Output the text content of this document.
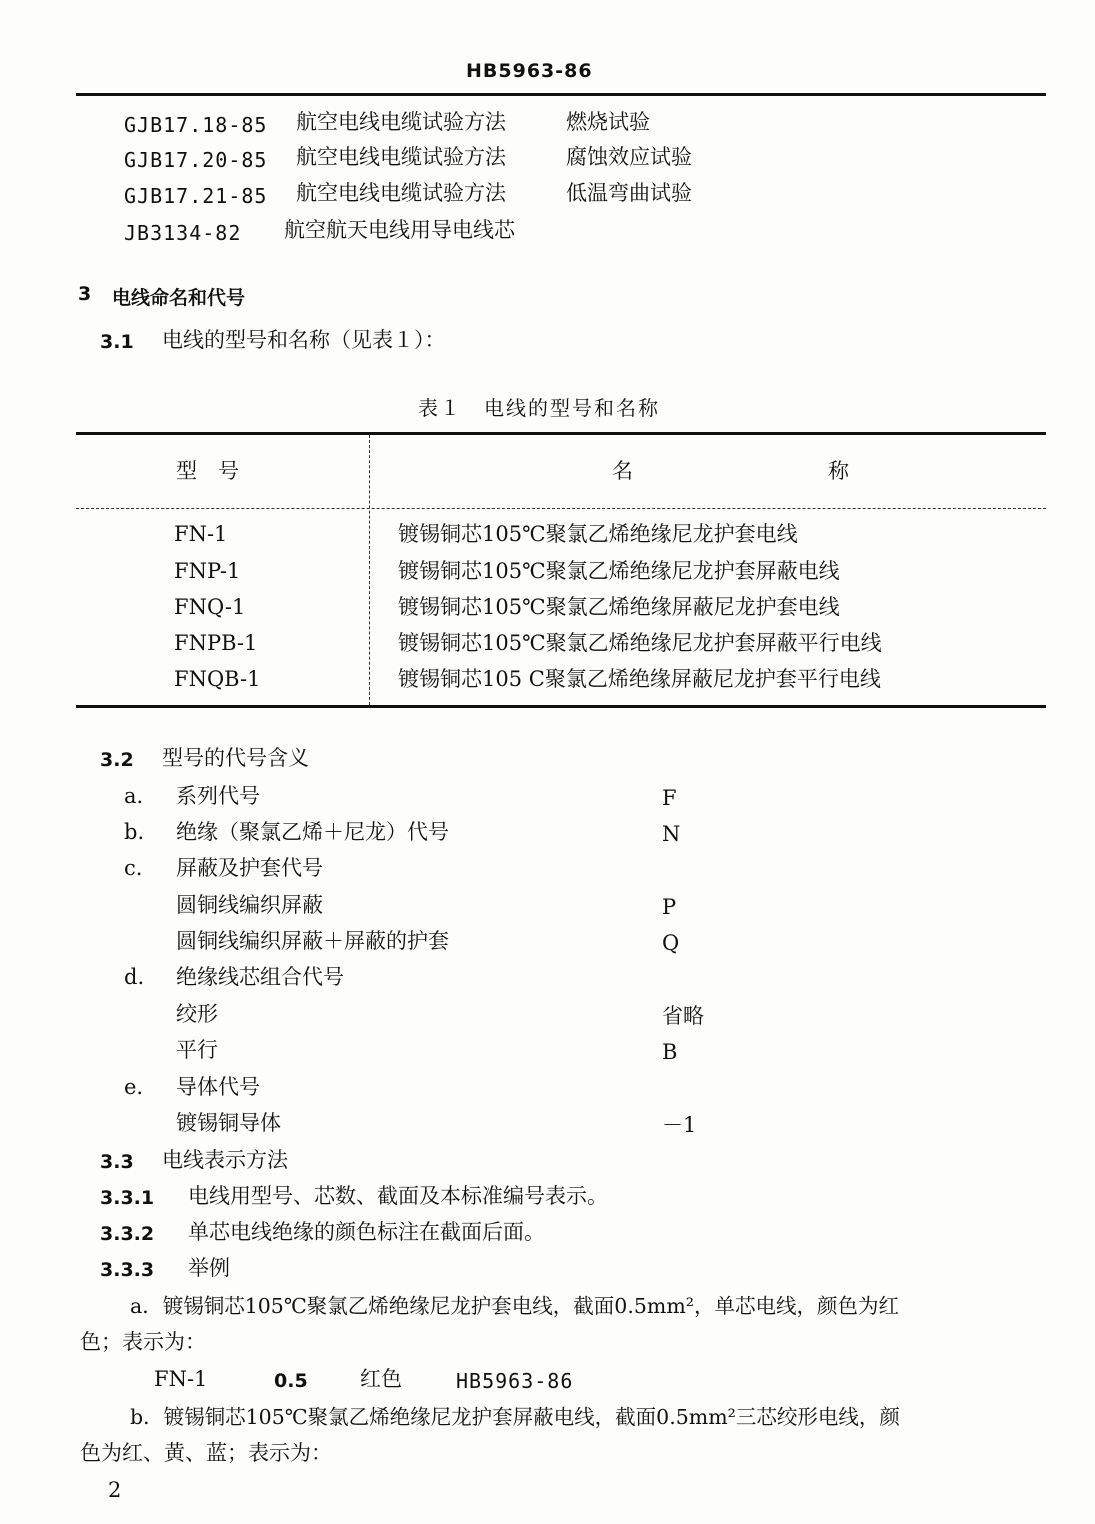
HB5963-86
GJB17.18-85 航空电线电缆试验方法	燃烧试验
GJB17.20-85 航空电线电缆试验方法	腐蚀效应试验
GJB17.21-85 航空电线电缆试验方法	低温弯曲试验
JB3134-82 航空航天电线用导电线芯
3 电线命名和代号
3.1 电线的型号和名称（见表１）：
表１　电线的型号和名称
型　号	名	称
FN-1	镀锡铜芯105℃聚氯乙烯绝缘尼龙护套电线
FNP-1	镀锡铜芯105℃聚氯乙烯绝缘尼龙护套屏蔽电线
FNQ-1	镀锡铜芯105℃聚氯乙烯绝缘屏蔽尼龙护套电线
FNPB-1	镀锡铜芯105℃聚氯乙烯绝缘尼龙护套屏蔽平行电线
FNQB-1	镀锡铜芯105 C聚氯乙烯绝缘屏蔽尼龙护套平行电线
3.2 型号的代号含义
a. 系列代号	F
b. 绝缘（聚氯乙烯＋尼龙）代号	N
c. 屏蔽及护套代号
圆铜线编织屏蔽	P
圆铜线编织屏蔽＋屏蔽的护套	Q
d. 绝缘线芯组合代号
绞形	省略
平行	B
e. 导体代号
镀锡铜导体	－1
3.3 电线表示方法
3.3.1 电线用型号、芯数、截面及本标准编号表示。
3.3.2 单芯电线绝缘的颜色标注在截面后面。
3.3.3 举例
a．镀锡铜芯105℃聚氯乙烯绝缘尼龙护套电线，截面0.5mm²，单芯电线，颜色为红
色；表示为：
FN-1	0.5 红色	HB5963-86
b．镀锡铜芯105℃聚氯乙烯绝缘尼龙护套屏蔽电线，截面0.5mm²三芯绞形电线，颜
色为红、黄、蓝；表示为：
2
